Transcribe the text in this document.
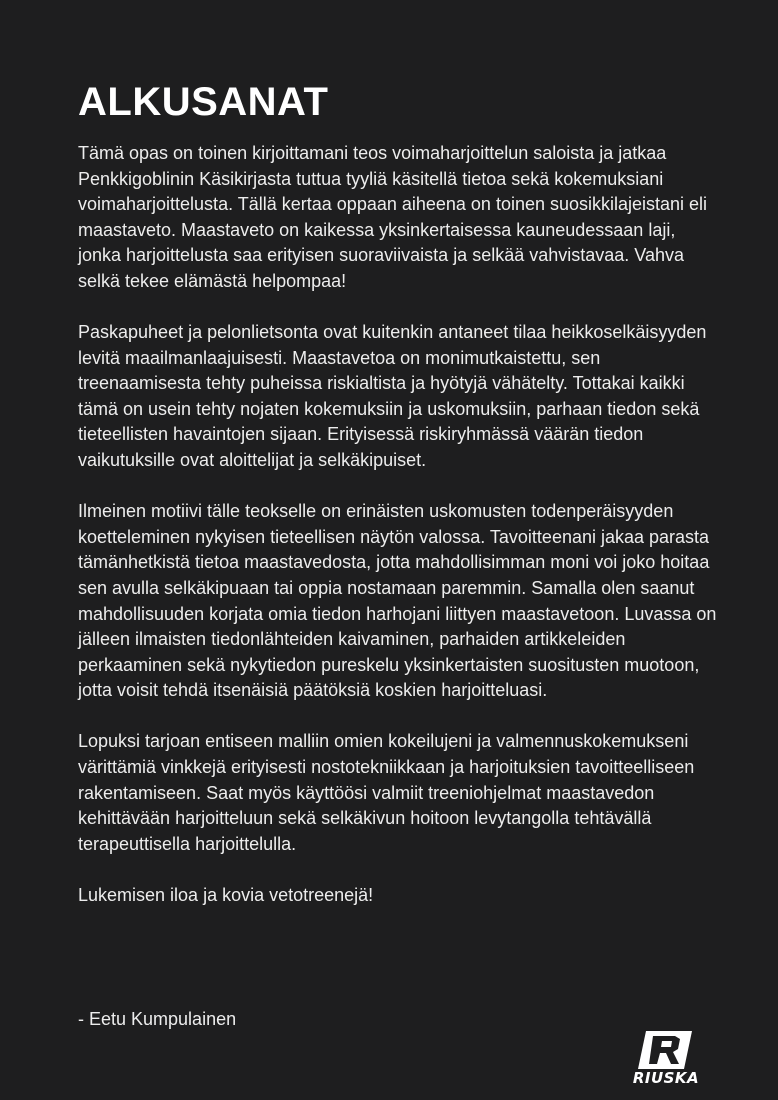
ALKUSANAT

Tämä opas on toinen kirjoittamani teos voimaharjoittelun saloista ja jatkaa Penkkigoblinin Käsikirjasta tuttua tyyliä käsitellä tietoa sekä kokemuksiani voimaharjoittelusta. Tällä kertaa oppaan aiheena on toinen suosikkilajeistani eli maastaveto. Maastaveto on kaikessa yksinkertaisessa kauneudessaan laji, jonka harjoittelusta saa erityisen suoraviivaista ja selkää vahvistavaa. Vahva selkä tekee elämästä helpompaa!

Paskapuheet ja pelonlietsonta ovat kuitenkin antaneet tilaa heikkoselkäisyyden levitä maailmanlaajuisesti. Maastavetoa on monimutkaistettu, sen treenaamisesta tehty puheissa riskialtista ja hyötyjä vähätelty. Tottakai kaikki tämä on usein tehty nojaten kokemuksiin ja uskomuksiin, parhaan tiedon sekä tieteellisten havaintojen sijaan. Erityisessä riskiryhmässä väärän tiedon vaikutuksille ovat aloittelijat ja selkäkipuiset.

Ilmeinen motiivi tälle teokselle on erinäisten uskomusten todenperäisyyden koetteleminen nykyisen tieteellisen näytön valossa. Tavoitteenani jakaa parasta tämänhetkistä tietoa maastavedosta, jotta mahdollisimman moni voi joko hoitaa sen avulla selkäkipuaan tai oppia nostamaan paremmin. Samalla olen saanut mahdollisuuden korjata omia tiedon harhojani liittyen maastavetoon. Luvassa on jälleen ilmaisten tiedonlähteiden kaivaminen, parhaiden artikkeleiden perkaaminen sekä nykytiedon pureskelu yksinkertaisten suositusten muotoon, jotta voisit tehdä itsenäisiä päätöksiä koskien harjoitteluasi.

Lopuksi tarjoan entiseen malliin omien kokeilujeni ja valmennuskokemukseni värittämiä vinkkejä erityisesti nostotekniikkaan ja harjoituksien tavoitteelliseen rakentamiseen. Saat myös käyttöösi valmiit treeniohjelmat maastavedon kehittävään harjoitteluun sekä selkäkivun hoitoon levytangolla tehtävällä terapeuttisella harjoittelulla.

Lukemisen iloa ja kovia vetotreenejä!

- Eetu Kumpulainen

RIUSKA
